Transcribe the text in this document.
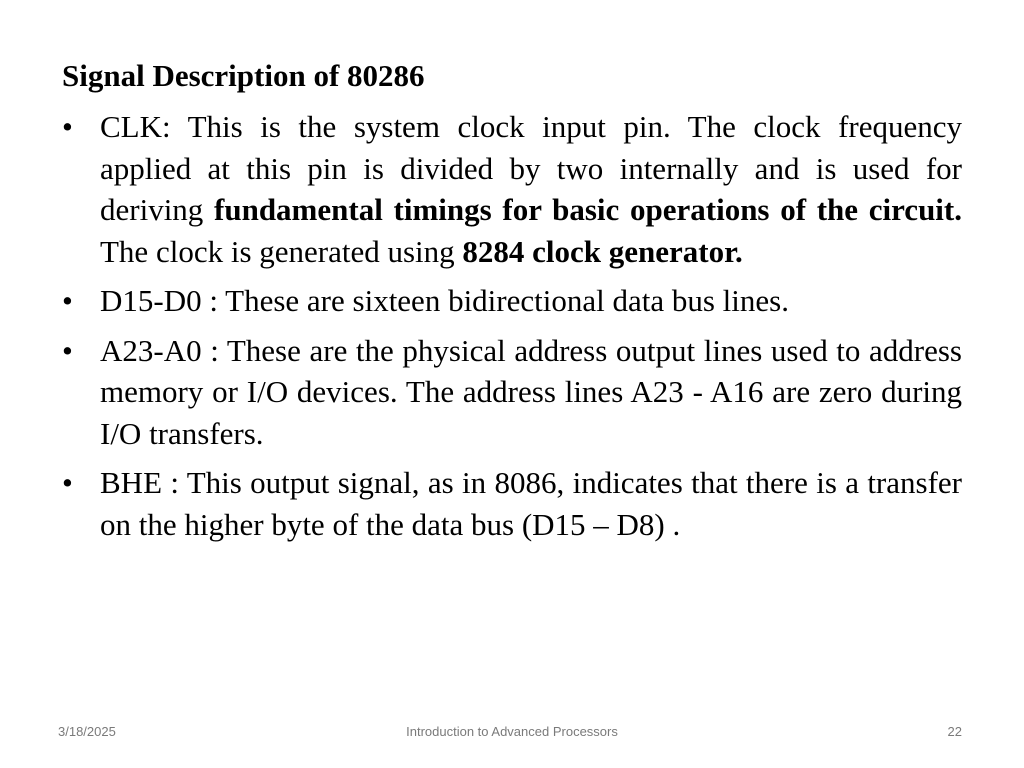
Signal Description of 80286
• CLK: This is the system clock input pin. The clock frequency applied at this pin is divided by two internally and is used for deriving fundamental timings for basic operations of the circuit. The clock is generated using 8284 clock generator.
• D15-D0 : These are sixteen bidirectional data bus lines.
• A23-A0 : These are the physical address output lines used to address memory or I/O devices. The address lines A23 - A16 are zero during I/O transfers.
• BHE : This output signal, as in 8086, indicates that there is a transfer on the higher byte of the data bus (D15 – D8) .
3/18/2025	Introduction to Advanced Processors	22
